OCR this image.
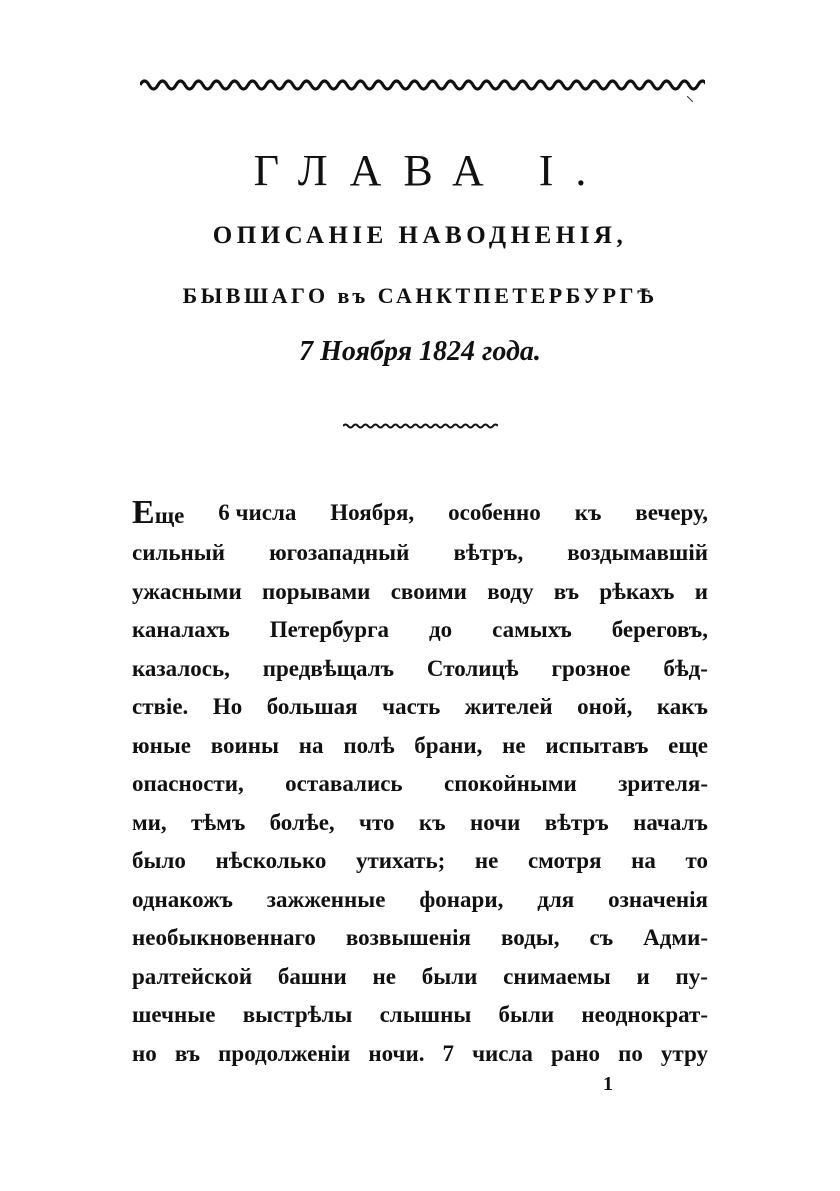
ГЛАВА I.
ОПИСАНIЕ НАВОДНЕНIЯ,
БЫВШАГО въ САНКТПЕТЕРБУРГѢ
7 Ноября 1824 года.
Еще 6 числа Ноября, особенно къ вечеру,
сильный югозападный вѣтръ, воздымавшiй
ужасными порывами своими воду въ рѣкахъ и
каналахъ Петербурга до самыхъ береговъ,
казалось, предвѣщалъ Столицѣ грозное бѣд-
ствiе. Но большая часть жителей оной, какъ
юные воины на полѣ брани, не испытавъ еще
опасности, оставались спокойными зрителя-
ми, тѣмъ болѣе, что къ ночи вѣтръ началъ
было нѣсколько утихать; не смотря на то
однакожъ зажженные фонари, для означенiя
необыкновеннаго возвышенiя воды, съ Адми-
ралтейской башни не были снимаемы и пу-
шечные выстрѣлы слышны были неоднократ-
но въ продолженiи ночи. 7 числа рано по утру
1
